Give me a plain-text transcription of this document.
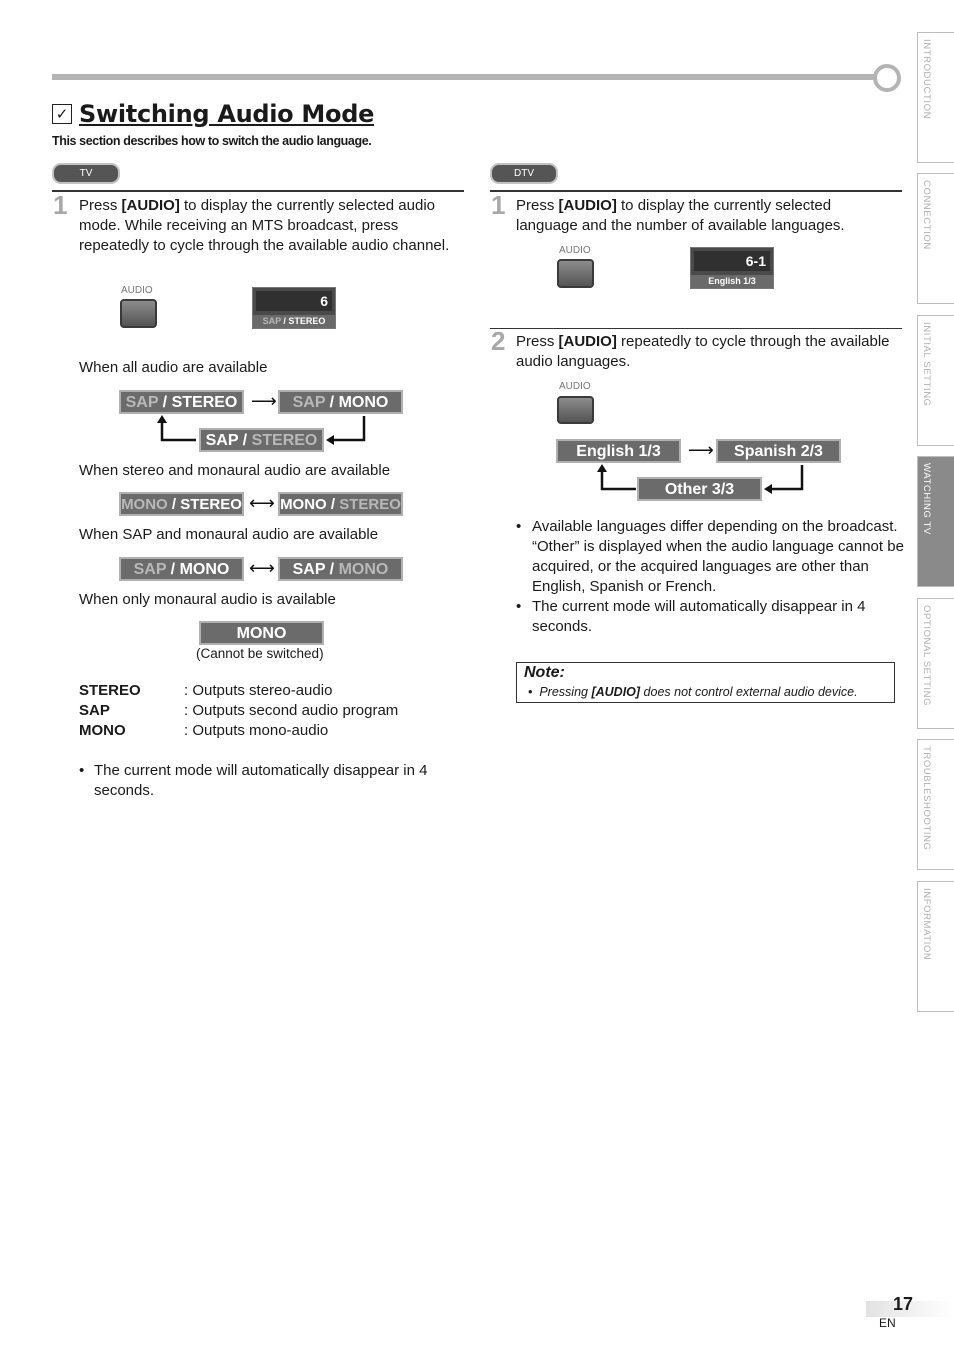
✓ Switching Audio Mode
This section describes how to switch the audio language.
TV
1 Press [AUDIO] to display the currently selected audio mode. While receiving an MTS broadcast, press repeatedly to cycle through the available audio channel.
AUDIO
6
SAP / STEREO
When all audio are available
SAP / STEREO ⟶ SAP / MONO
SAP / STEREO
When stereo and monaural audio are available
MONO / STEREO ⟷ MONO / STEREO
When SAP and monaural audio are available
SAP / MONO	⟷	SAP / MONO
When only monaural audio is available
MONO
(Cannot be switched)
STEREO	: Outputs stereo-audio
SAP	: Outputs second audio program
MONO	: Outputs mono-audio
• The current mode will automatically disappear in 4 seconds.
DTV
1 Press [AUDIO] to display the currently selected language and the number of available languages.
AUDIO
6-1
English 1/3
2 Press [AUDIO] repeatedly to cycle through the available audio languages.
AUDIO
English 1/3	⟶	Spanish 2/3
Other 3/3
• Available languages differ depending on the broadcast. “Other” is displayed when the audio language cannot be acquired, or the acquired languages are other than English, Spanish or French.
• The current mode will automatically disappear in 4 seconds.
Note:
• Pressing [AUDIO] does not control external audio device.
INTRODUCTION
CONNECTION
INITIAL SETTING
WATCHING TV
OPTIONAL SETTING
TROUBLESHOOTING
INFORMATION
17
EN
